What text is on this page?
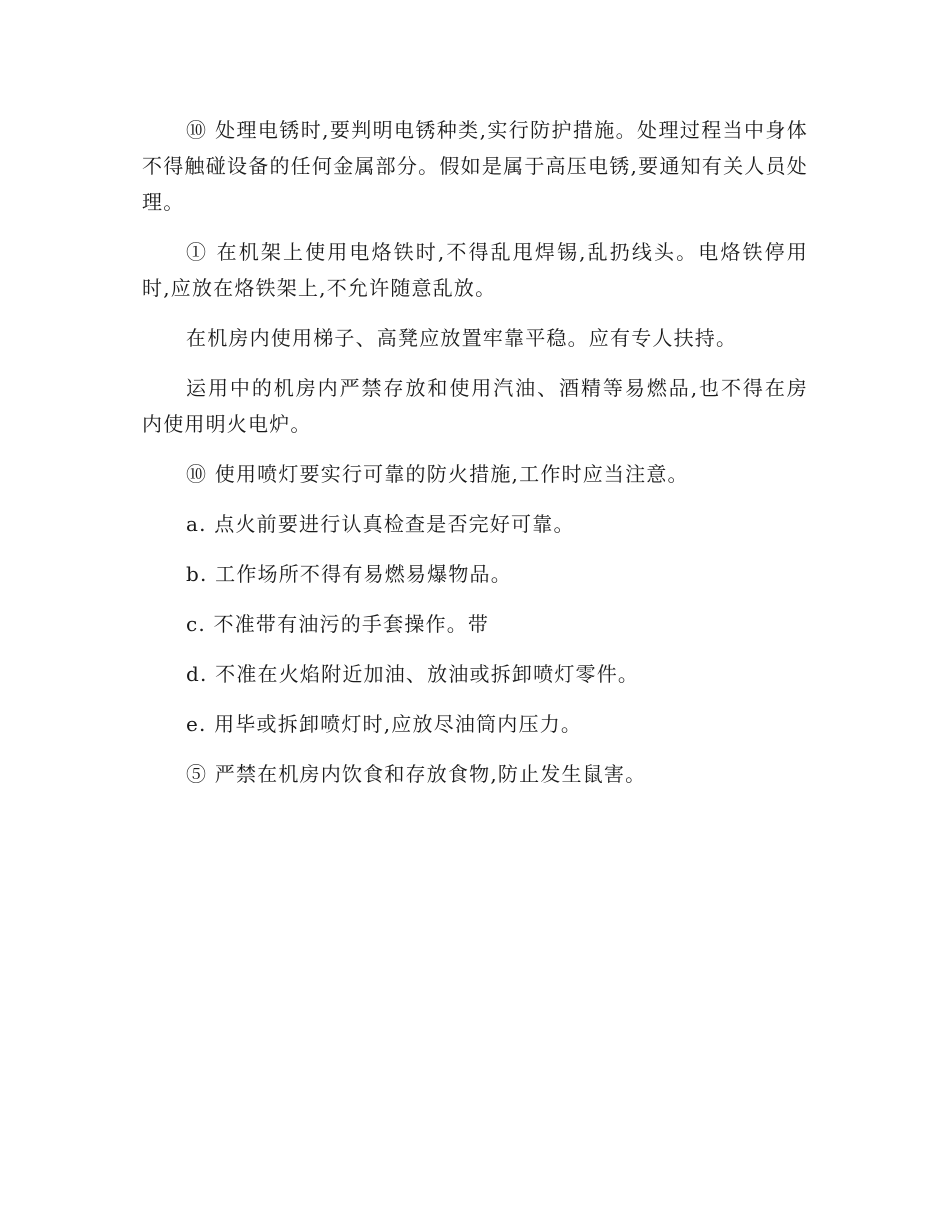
⑩ 处理电锈时,要判明电锈种类,实行防护措施。处理过程当中身体不得触碰设备的任何金属部分。假如是属于高压电锈,要通知有关人员处理。

① 在机架上使用电烙铁时,不得乱甩焊锡,乱扔线头。电烙铁停用时,应放在烙铁架上,不允许随意乱放。

在机房内使用梯子、高凳应放置牢靠平稳。应有专人扶持。

运用中的机房内严禁存放和使用汽油、酒精等易燃品,也不得在房内使用明火电炉。

⑩ 使用喷灯要实行可靠的防火措施,工作时应当注意。

a. 点火前要进行认真检查是否完好可靠。

b. 工作场所不得有易燃易爆物品。

c. 不准带有油污的手套操作。带

d. 不准在火焰附近加油、放油或拆卸喷灯零件。

e. 用毕或拆卸喷灯时,应放尽油筒内压力。

⑤ 严禁在机房内饮食和存放食物,防止发生鼠害。
